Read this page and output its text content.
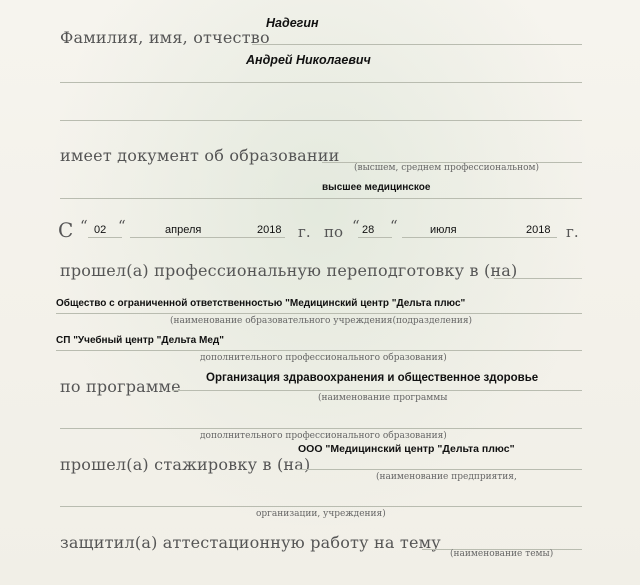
Фамилия, имя, отчество
Надегин
Андрей Николаевич
имеет документ об образовании
(высшем, среднем профессиональном)
высшее медицинское
С “ 02 “	апреля	2018 г. по “ 28 “	июля	2018 г.
прошел(а) профессиональную переподготовку в (на)
Общество с ограниченной ответственностью "Медицинский центр "Дельта плюс"
(наименование образовательного учреждения(подразделения)
СП "Учебный центр "Дельта Мед"
дополнительного профессионального образования)
по программе Организация здравоохранения и общественное здоровье
(наименование программы
дополнительного профессионального образования)
ООО "Медицинский центр "Дельта плюс"
прошел(а) стажировку в (на)
(наименование предприятия,
организации, учреждения)
защитил(а) аттестационную работу на тему
(наименование темы)
